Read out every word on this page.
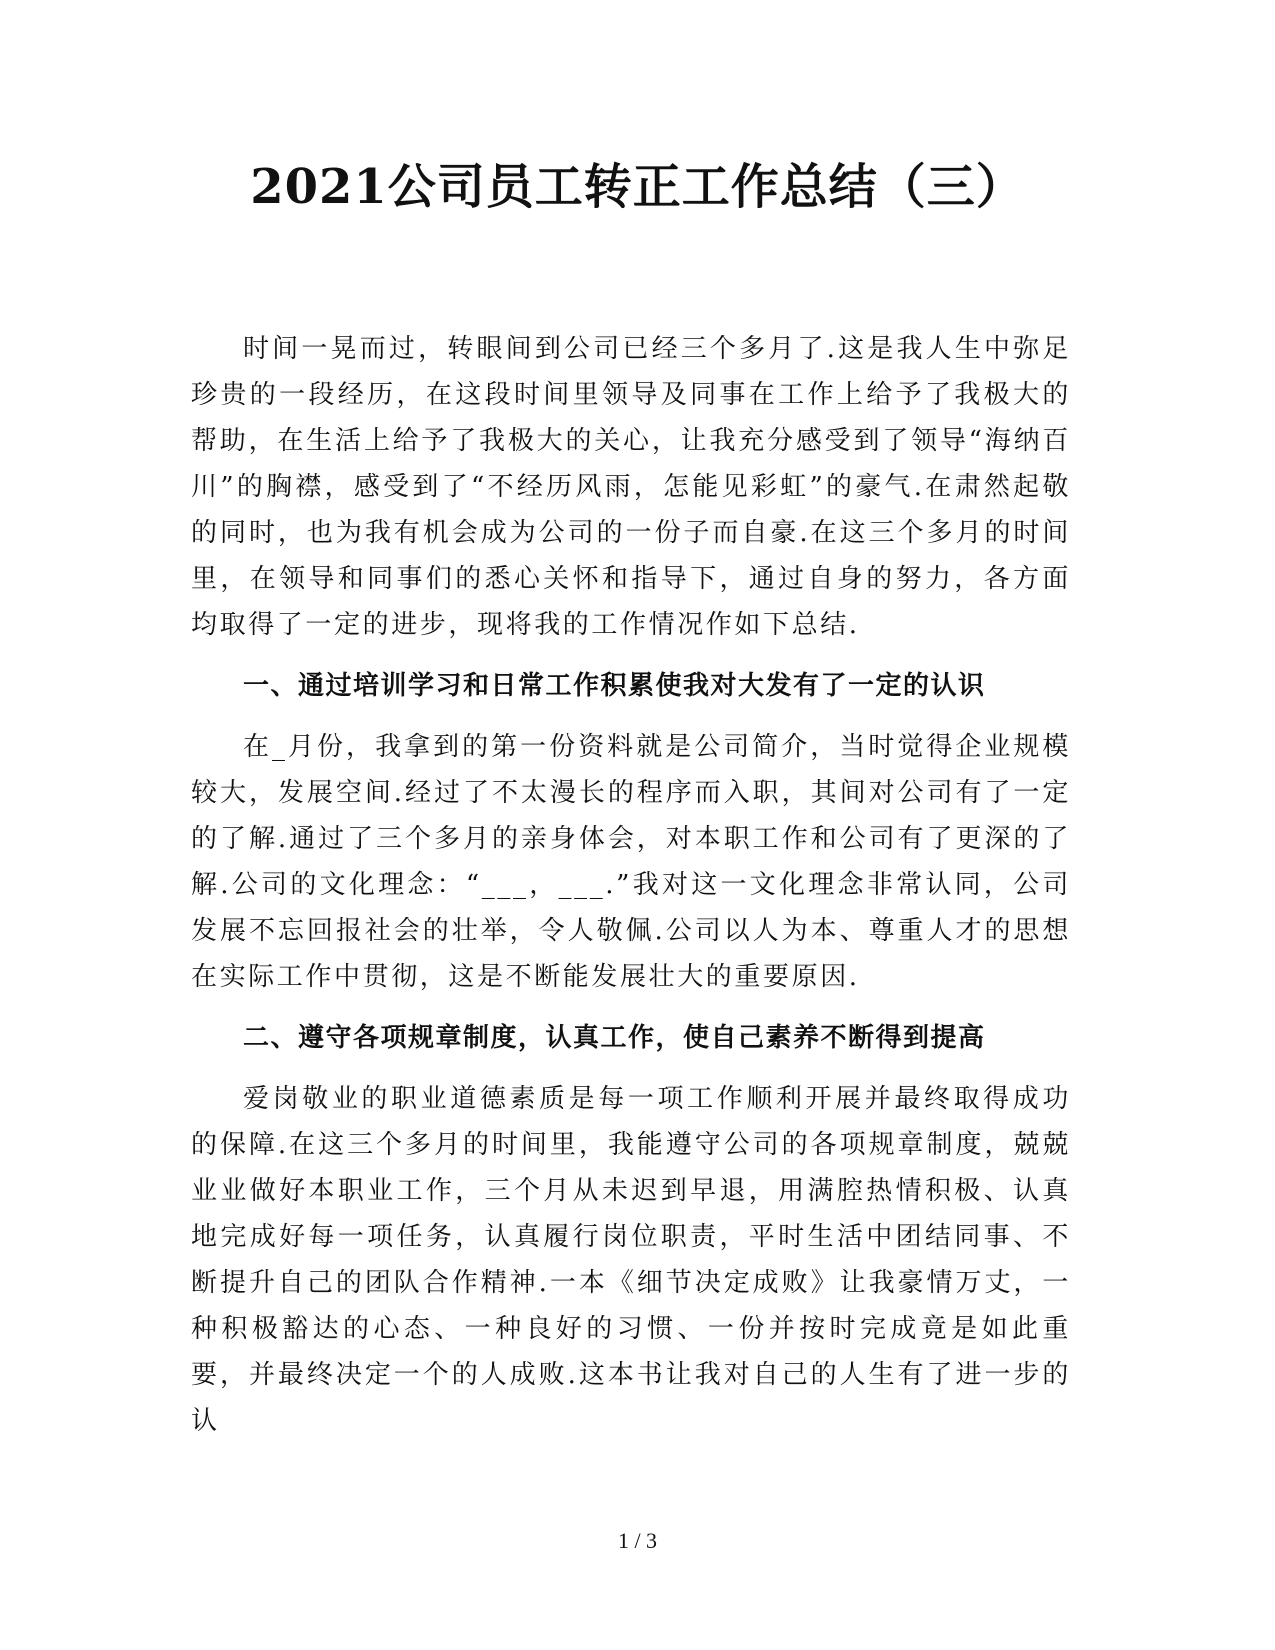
2021公司员工转正工作总结（三）

时间一晃而过，转眼间到公司已经三个多月了.这是我人生中弥足珍贵的一段经历，在这段时间里领导及同事在工作上给予了我极大的帮助，在生活上给予了我极大的关心，让我充分感受到了领导“海纳百川”的胸襟，感受到了“不经历风雨，怎能见彩虹”的豪气.在肃然起敬的同时，也为我有机会成为公司的一份子而自豪.在这三个多月的时间里，在领导和同事们的悉心关怀和指导下，通过自身的努力，各方面均取得了一定的进步，现将我的工作情况作如下总结.

一、通过培训学习和日常工作积累使我对大发有了一定的认识

在_月份，我拿到的第一份资料就是公司简介，当时觉得企业规模较大，发展空间.经过了不太漫长的程序而入职，其间对公司有了一定的了解.通过了三个多月的亲身体会，对本职工作和公司有了更深的了解.公司的文化理念：“___，___.”我对这一文化理念非常认同，公司发展不忘回报社会的壮举，令人敬佩.公司以人为本、尊重人才的思想在实际工作中贯彻，这是不断能发展壮大的重要原因.

二、遵守各项规章制度，认真工作，使自己素养不断得到提高

爱岗敬业的职业道德素质是每一项工作顺利开展并最终取得成功的保障.在这三个多月的时间里，我能遵守公司的各项规章制度，兢兢业业做好本职业工作，三个月从未迟到早退，用满腔热情积极、认真地完成好每一项任务，认真履行岗位职责，平时生活中团结同事、不断提升自己的团队合作精神.一本《细节决定成败》让我豪情万丈，一种积极豁达的心态、一种良好的习惯、一份并按时完成竟是如此重要，并最终决定一个的人成败.这本书让我对自己的人生有了进一步的认

1 / 3
